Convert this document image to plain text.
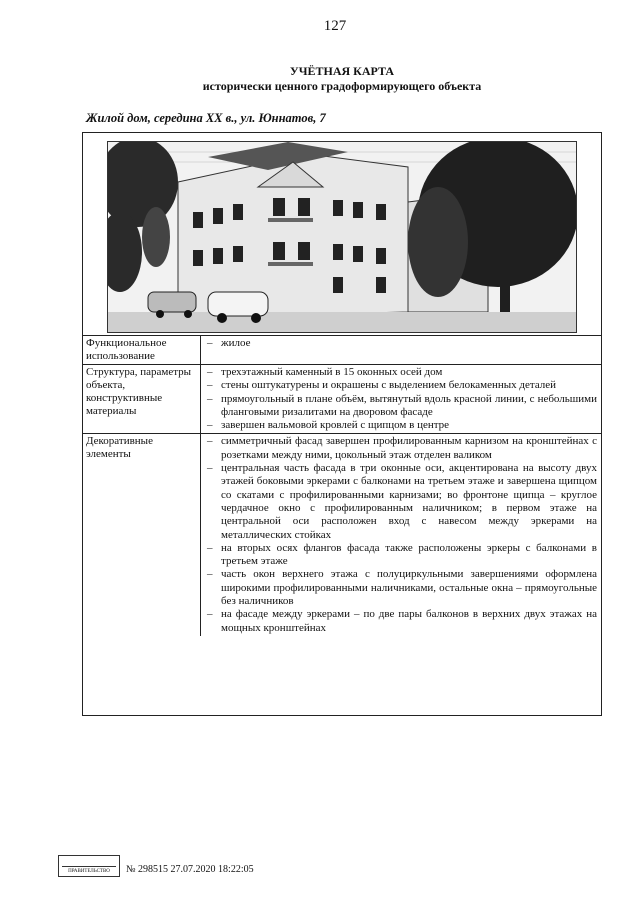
127
УЧЁТНАЯ КАРТА
исторически ценного градоформирующего объекта
Жилой дом, середина XX в., ул. Юннатов, 7
Функциональное использование
– жилое
Структура, параметры объекта, конструктивные материалы
– трехэтажный каменный в 15 оконных осей дом
– стены оштукатурены и окрашены с выделением белокаменных деталей
– прямоугольный в плане объём, вытянутый вдоль красной линии, с небольшими фланговыми ризалитами на дворовом фасаде
– завершен вальмовой кровлей с щипцом в центре
Декоративные элементы
– симметричный фасад завершен профилированным карнизом на кронштейнах с розетками между ними, цокольный этаж отделен валиком
– центральная часть фасада в три оконные оси, акцентирована на высоту двух этажей боковыми эркерами с балконами на третьем этаже и завершена щипцом со скатами с профилированными карнизами; во фронтоне щипца – круглое чердачное окно с профилированным наличником; в первом этаже на центральной оси расположен вход с навесом между эркерами на металлических стойках
– на вторых осях флангов фасада также расположены эркеры с балконами в третьем этаже
– часть окон верхнего этажа с полуциркульными завершениями оформлена широкими профилированными наличниками, остальные окна – прямоугольные без наличников
– на фасаде между эркерами – по две пары балконов в верхних двух этажах на мощных кронштейнах
ПРАВИТЕЛЬСТВО	№ 298515 27.07.2020 18:22:05
